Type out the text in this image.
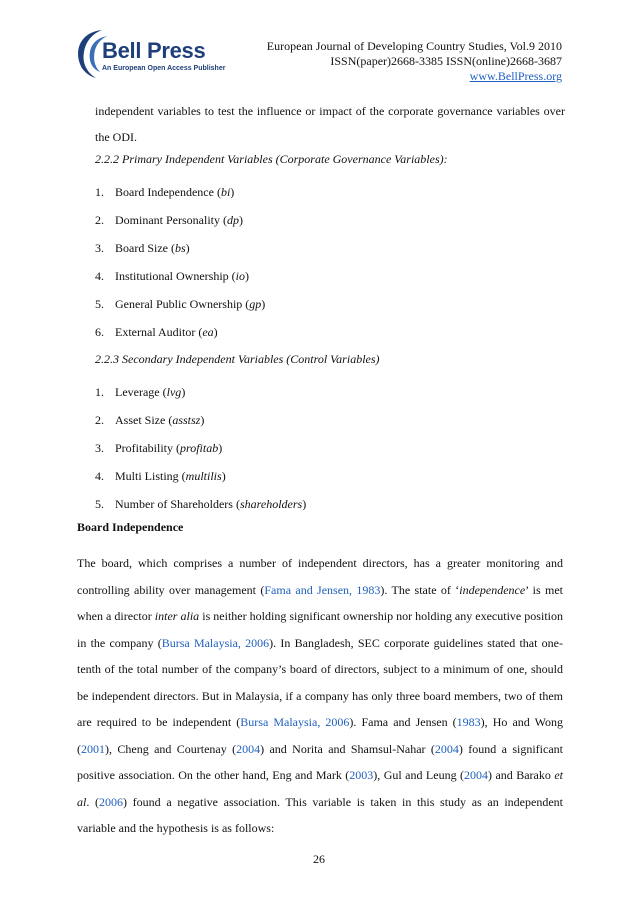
Bell Press
An European Open Access Publisher
European Journal of Developing Country Studies, Vol.9 2010
ISSN(paper)2668-3385 ISSN(online)2668-3687
www.BellPress.org
independent variables to test the influence or impact of the corporate governance variables over the ODI.
2.2.2 Primary Independent Variables (Corporate Governance Variables):
1. Board Independence (bi)
2. Dominant Personality (dp)
3. Board Size (bs)
4. Institutional Ownership (io)
5. General Public Ownership (gp)
6. External Auditor (ea)
2.2.3 Secondary Independent Variables (Control Variables)
1. Leverage (lvg)
2. Asset Size (asstsz)
3. Profitability (profitab)
4. Multi Listing (multilis)
5. Number of Shareholders (shareholders)
Board Independence
The board, which comprises a number of independent directors, has a greater monitoring and controlling ability over management (Fama and Jensen, 1983). The state of ‘independence’ is met when a director inter alia is neither holding significant ownership nor holding any executive position in the company (Bursa Malaysia, 2006). In Bangladesh, SEC corporate guidelines stated that one-tenth of the total number of the company’s board of directors, subject to a minimum of one, should be independent directors. But in Malaysia, if a company has only three board members, two of them are required to be independent (Bursa Malaysia, 2006). Fama and Jensen (1983), Ho and Wong (2001), Cheng and Courtenay (2004) and Norita and Shamsul-Nahar (2004) found a significant positive association. On the other hand, Eng and Mark (2003), Gul and Leung (2004) and Barako et al. (2006) found a negative association. This variable is taken in this study as an independent variable and the hypothesis is as follows:
26
